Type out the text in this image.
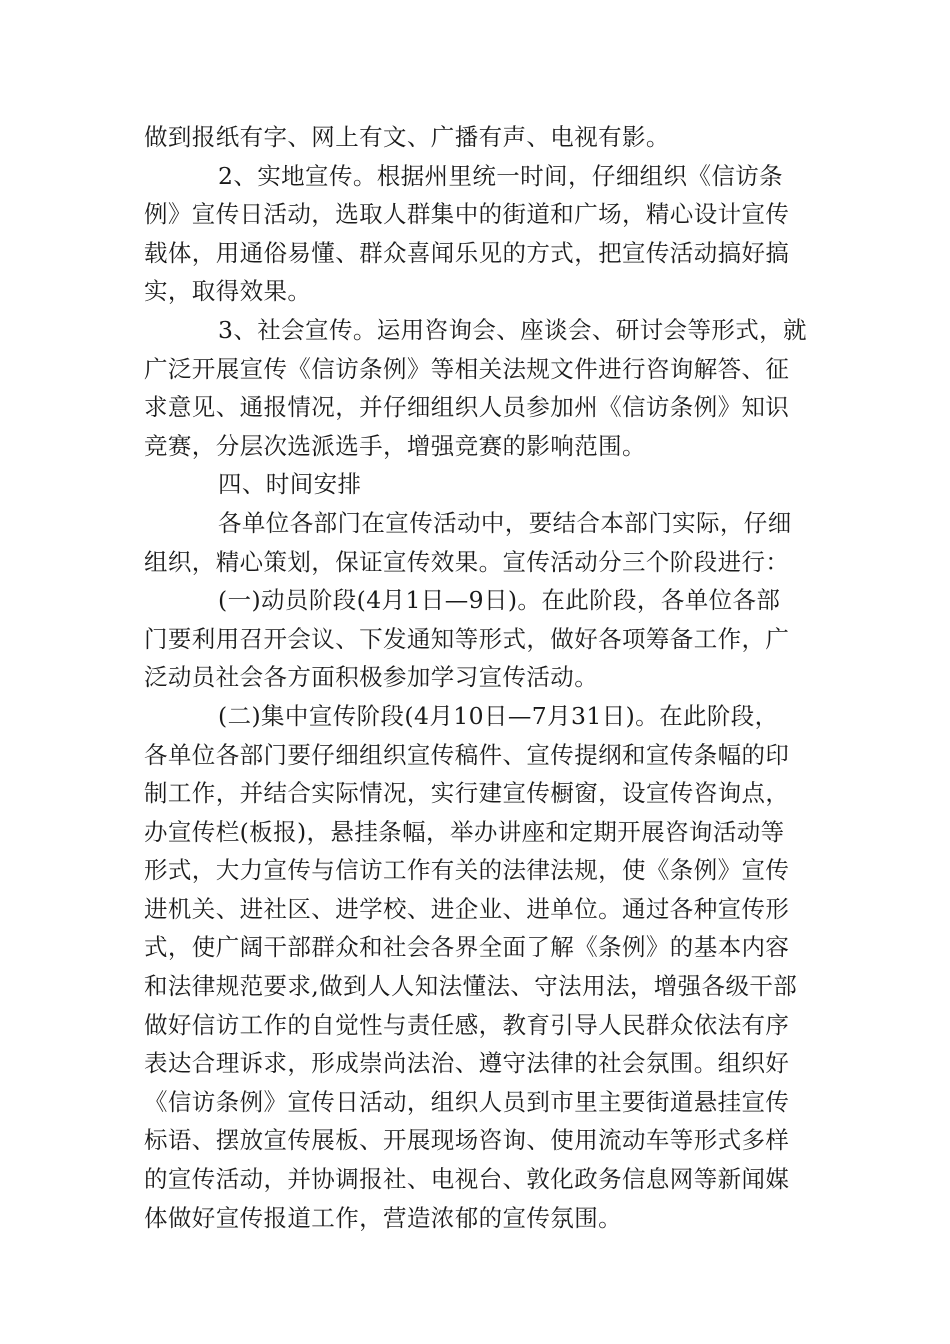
做到报纸有字、网上有文、广播有声、电视有影。
2、实地宣传。根据州里统一时间，仔细组织《信访条
例》宣传日活动，选取人群集中的街道和广场，精心设计宣传
载体，用通俗易懂、群众喜闻乐见的方式，把宣传活动搞好搞
实，取得效果。
3、社会宣传。运用咨询会、座谈会、研讨会等形式，就
广泛开展宣传《信访条例》等相关法规文件进行咨询解答、征
求意见、通报情况，并仔细组织人员参加州《信访条例》知识
竞赛，分层次选派选手，增强竞赛的影响范围。
四、时间安排
各单位各部门在宣传活动中，要结合本部门实际，仔细
组织，精心策划，保证宣传效果。宣传活动分三个阶段进行：
(一)动员阶段(4月1日—9日)。在此阶段，各单位各部
门要利用召开会议、下发通知等形式，做好各项筹备工作，广
泛动员社会各方面积极参加学习宣传活动。
(二)集中宣传阶段(4月10日—7月31日)。在此阶段，
各单位各部门要仔细组织宣传稿件、宣传提纲和宣传条幅的印
制工作，并结合实际情况，实行建宣传橱窗，设宣传咨询点，
办宣传栏(板报)，悬挂条幅，举办讲座和定期开展咨询活动等
形式，大力宣传与信访工作有关的法律法规，使《条例》宣传
进机关、进社区、进学校、进企业、进单位。通过各种宣传形
式，使广阔干部群众和社会各界全面了解《条例》的基本内容
和法律规范要求,做到人人知法懂法、守法用法，增强各级干部
做好信访工作的自觉性与责任感，教育引导人民群众依法有序
表达合理诉求，形成崇尚法治、遵守法律的社会氛围。组织好
《信访条例》宣传日活动，组织人员到市里主要街道悬挂宣传
标语、摆放宣传展板、开展现场咨询、使用流动车等形式多样
的宣传活动，并协调报社、电视台、敦化政务信息网等新闻媒
体做好宣传报道工作，营造浓郁的宣传氛围。
